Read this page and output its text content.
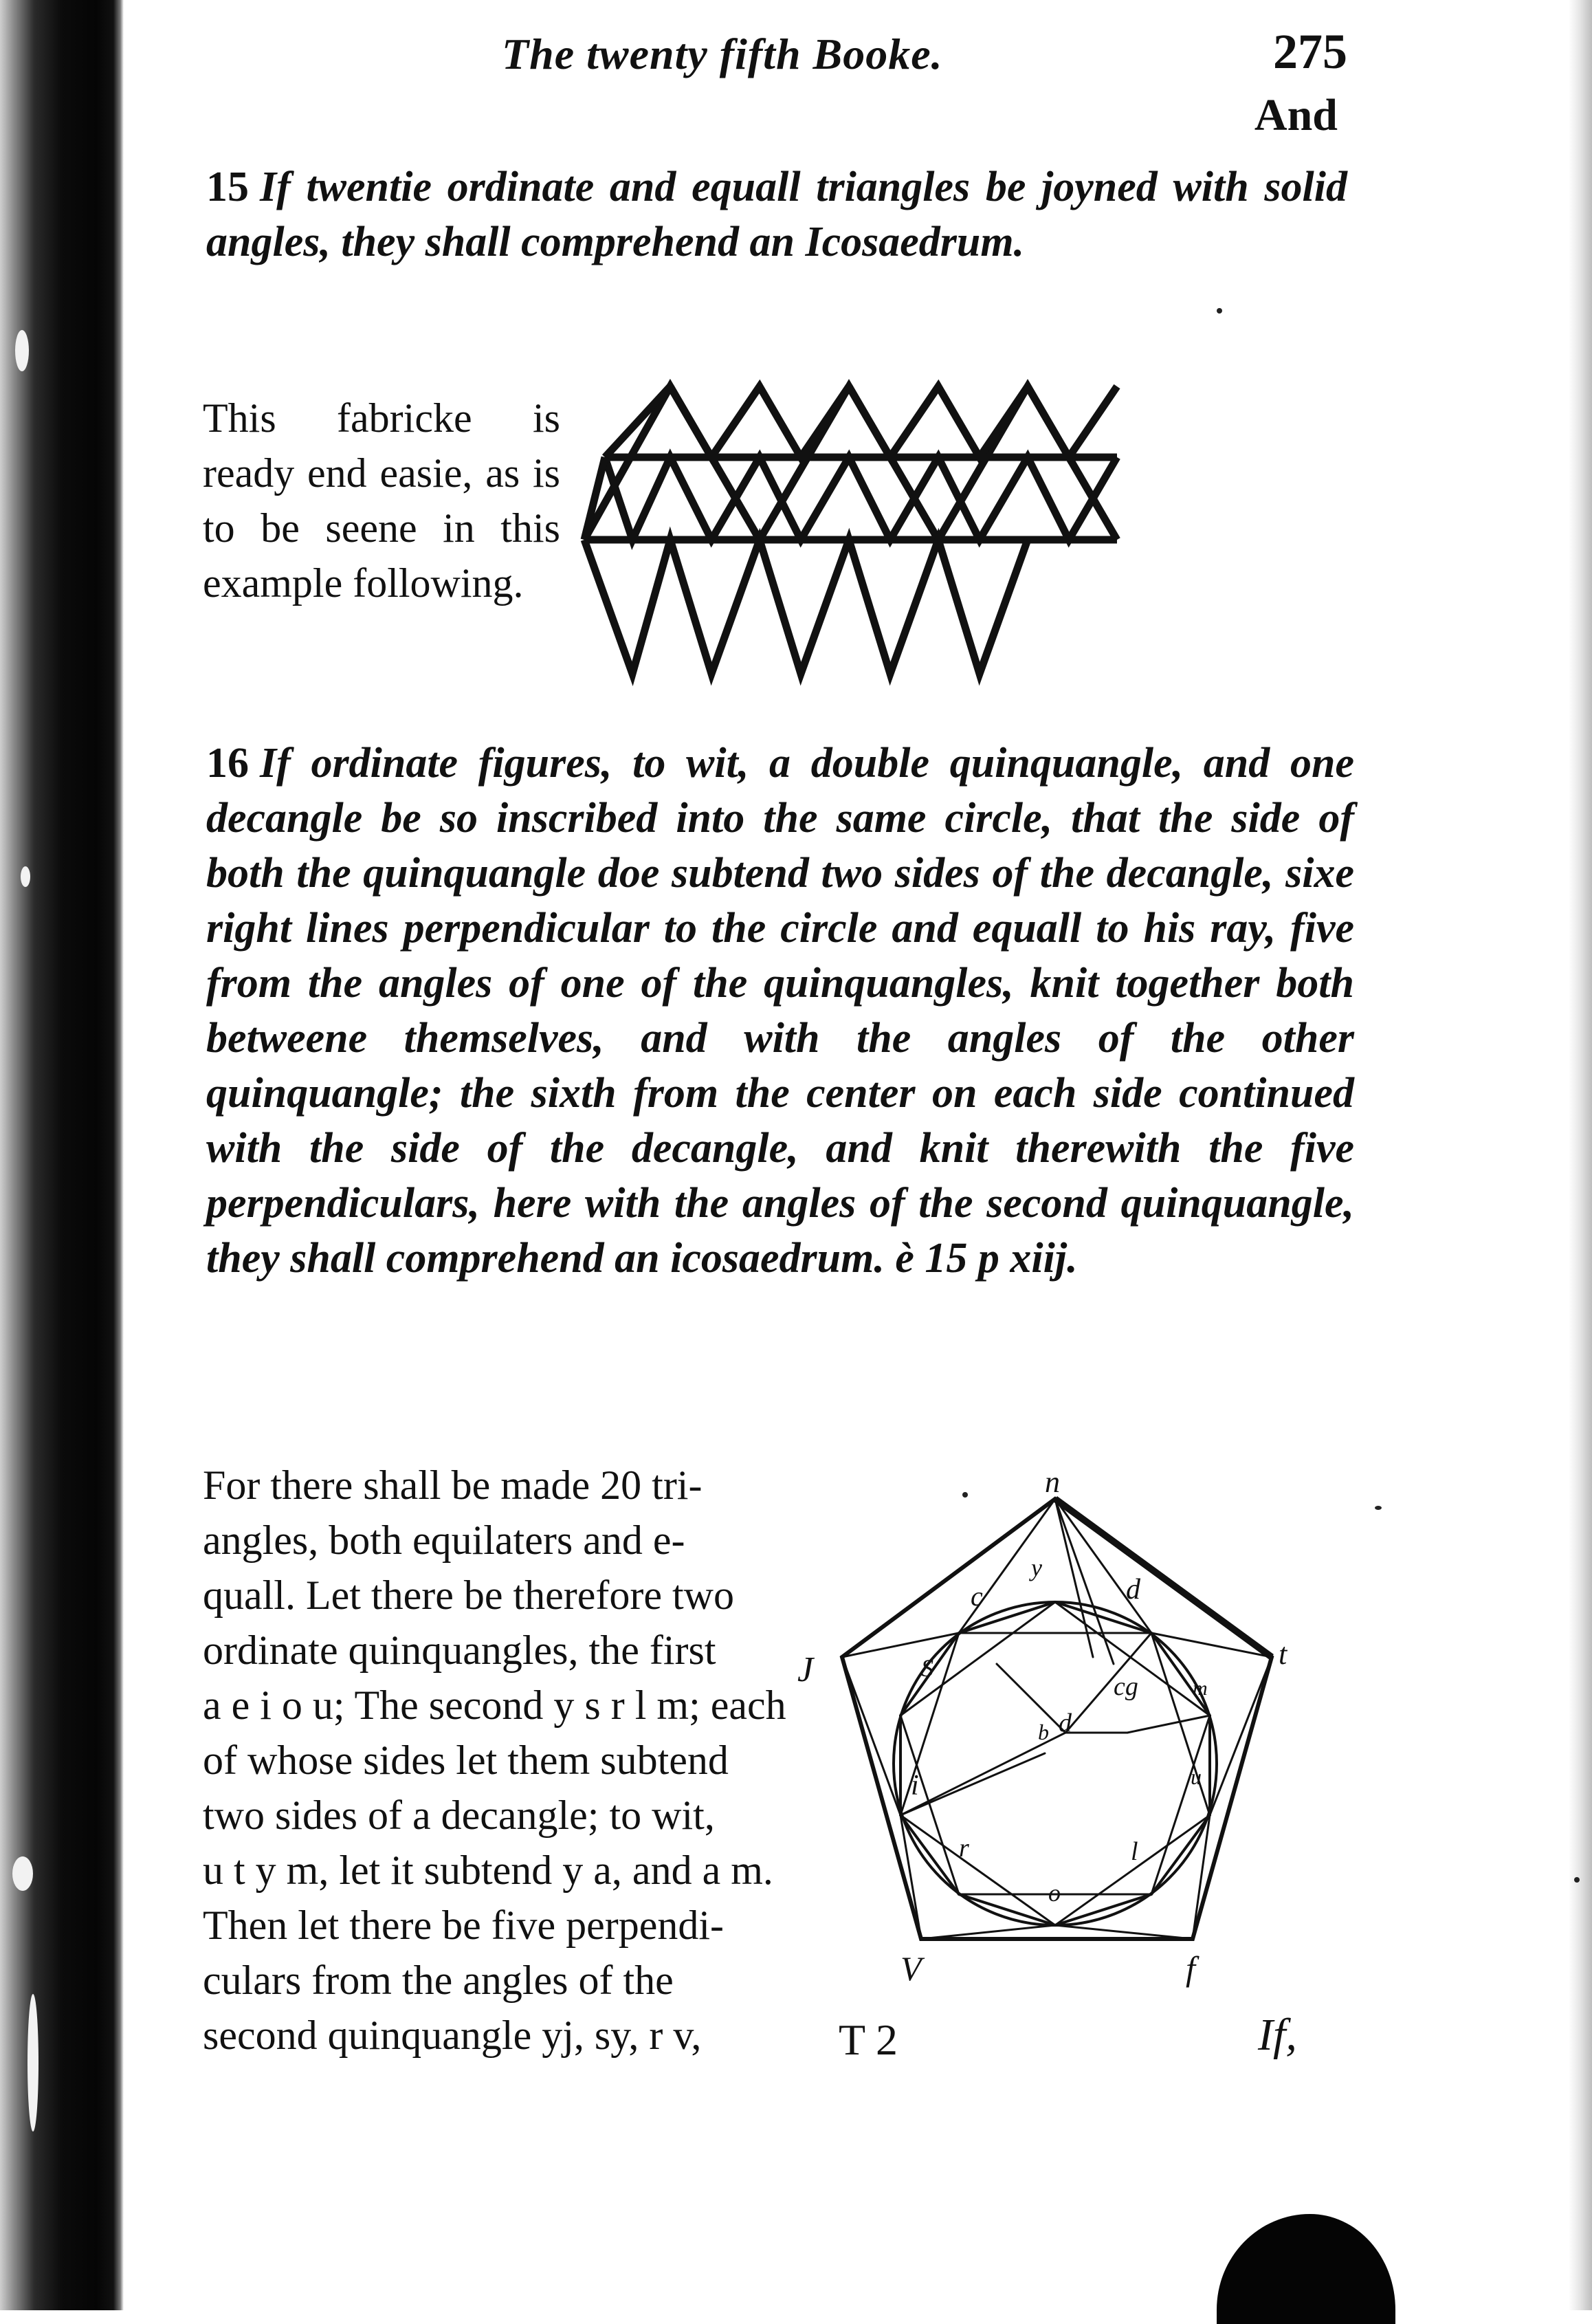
The twenty fifth Booke.	275
And
15 If twentie ordinate and equall triangles be joyned with solid angles, they shall comprehend an Icosaedrum.
This fabricke is ready end easie, as is to be seene in this example following.
16 If ordinate figures, to wit, a double quinquangle, and one decangle be so inscribed into the same circle, that the side of both the quinquangle doe subtend two sides of the decangle, sixe right lines perpendicular to the circle and equall to his ray, five from the angles of one of the quinquangles, knit together both betweene themselves, and with the angles of the other quinquangle; the sixth from the center on each side continued with the side of the decangle, and knit therewith the five perpendiculars, here with the angles of the second quinquangle, they shall comprehend an icosaedrum. è 15 p xiij.
For there shall be made 20 tri-
angles, both equilaters and e-
quall. Let there be therefore two
ordinate quinquangles, the first
a e i o u; The second y s r l m; each
of whose sides let them subtend
two sides of a decangle; to wit,
u t y m, let it subtend y a, and a m.
Then let there be five perpendi-
culars from the angles of the
second quinquangle yj, sy, r v,
n
y
c	d
t
J	S
m
cg
b d
i	u
r
o
l
V	f
T 2	If,
